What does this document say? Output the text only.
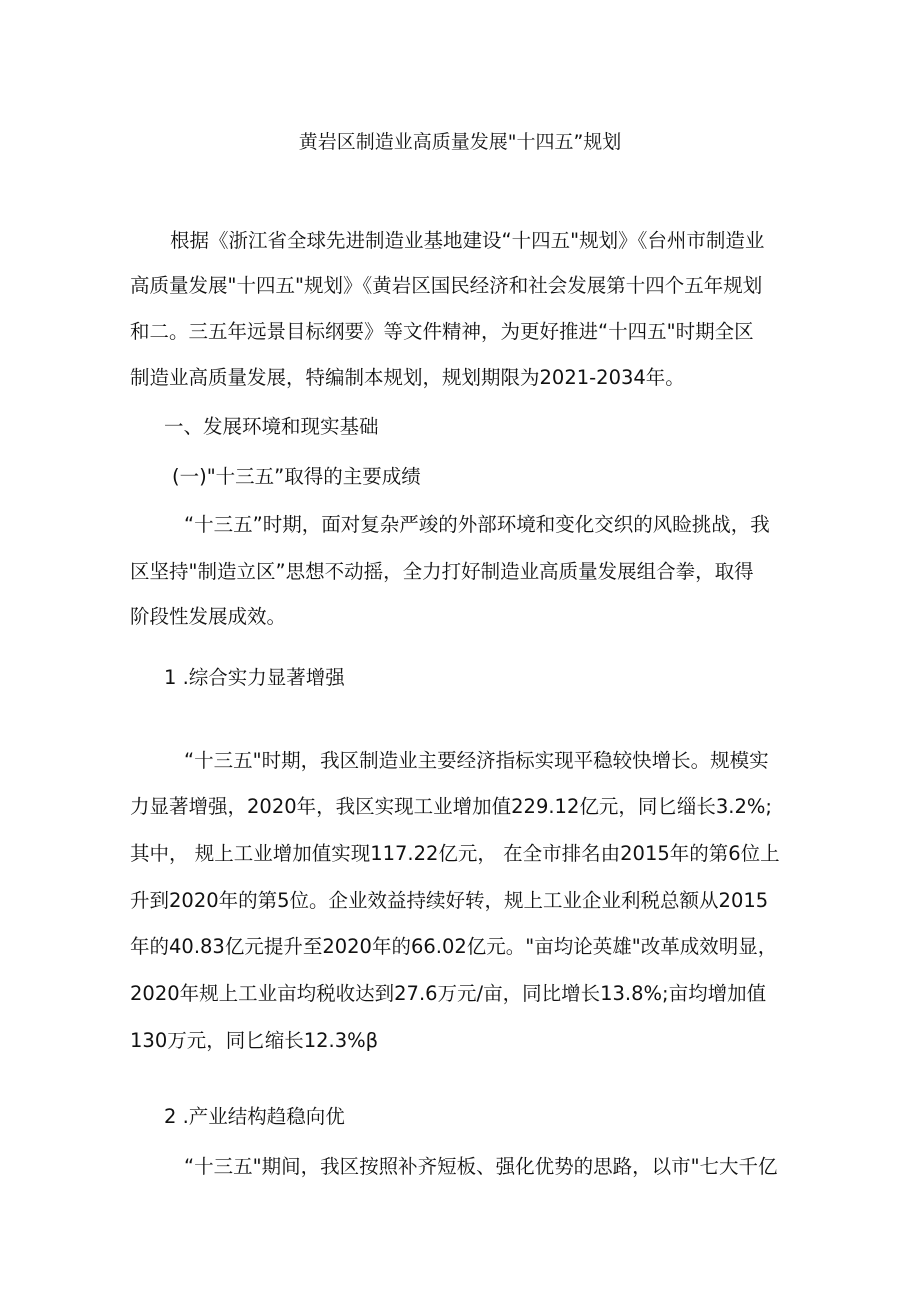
黄岩区制造业高质量发展"十四五”规划
根据《浙江省全球先进制造业基地建设“十四五"规划》《台州市制造业
高质量发展"十四五"规划》《黄岩区国民经济和社会发展第十四个五年规划
和二。三五年远景目标纲要》等文件精神，为更好推进“十四五"时期全区
制造业高质量发展，特编制本规划，规划期限为2021-2034年。
一、发展环境和现实基础
(一)"十三五”取得的主要成绩
“十三五”时期，面对复杂严竣的外部环境和变化交织的风睑挑战，我
区坚持"制造立区”思想不动摇，全力打好制造业高质量发展组合拳，取得
阶段性发展成效。
1 .综合实力显著增强
“十三五"时期，我区制造业主要经济指标实现平稳较快增长。规模实
力显著增强，2020年，我区实现工业增加值229.12亿元，同匕缁长3.2%;
其中， 规上工业增加值实现117.22亿元， 在全市排名由2015年的第6位上
升到2020年的第5位。企业效益持续好转，规上工业企业利税总额从2015
年的40.83亿元提升至2020年的66.02亿元。"亩均论英雄"改革成效明显，
2020年规上工业亩均税收达到27.6万元/亩，同比增长13.8%;亩均增加值
130万元，同匕缩长12.3%β
2 .产业结构趋稳向优
“十三五"期间，我区按照补齐短板、强化优势的思路，以市"七大千亿
